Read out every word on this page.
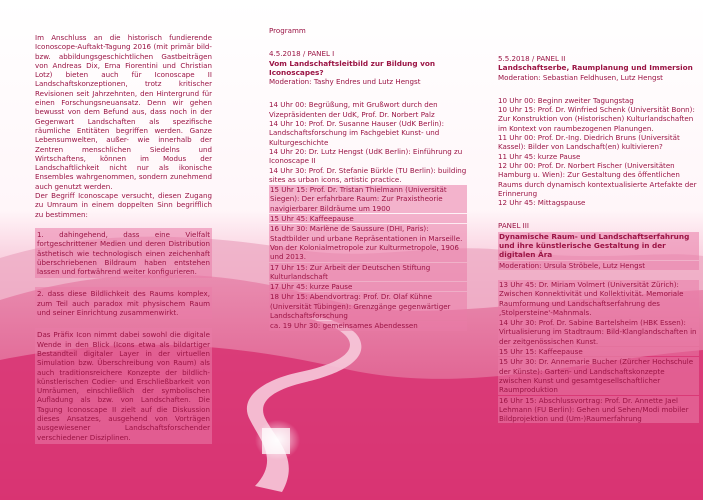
Im Anschluss an die historisch fundierende Iconoscope-Auftakt-Tagung 2016 (mit primär bild- bzw. abbildungsgeschichtlichen Gastbeiträgen von Andreas Dix, Erna Fiorentini und Christian Lotz) bieten auch für Iconoscape II Landschaftskonzeptionen, trotz kritischer Revisionen seit Jahrzehnten, den Hintergrund für einen Forschungsneuansatz. Denn wir gehen bewusst von dem Befund aus, dass noch in der Gegenwart Landschaften als spezifische räumliche Entitäten begriffen werden. Ganze Lebensumwelten, außer- wie innerhalb der Zentren menschlichen Siedelns und Wirtschaftens, können im Modus der Landschaftlichkeit nicht nur als ikonische Ensembles wahrgenommen, sondern zunehmend auch genutzt werden.

Der Begriff Iconoscape versucht, diesen Zugang zu Umraum in einem doppelten Sinn begrifflich zu bestimmen:

1. dahingehend, dass eine Vielfalt fortgeschrittener Medien und deren Distribution ästhetisch wie technologisch einen zeichenhaft überschriebenen Bildraum haben entstehen lassen und fortwährend weiter konfigurieren.

2. dass diese Bildlichkeit des Raums komplex, zum Teil auch paradox mit physischem Raum und seiner Einrichtung zusammenwirkt.

Das Präfix Icon nimmt dabei sowohl die digitale Wende in den Blick (Icons etwa als bildartiger Bestandteil digitaler Layer in der virtuellen Simulation bzw. Überschreibung von Raum) als auch traditionsreichere Konzepte der bildlich-künstlerischen Codier- und Erschließbarkeit von Umräumen, einschließlich der symbolischen Aufladung als bzw. von Landschaften. Die Tagung Iconoscape II zielt auf die Diskussion dieses Ansatzes, ausgehend von Vorträgen ausgewiesener Landschaftsforschender verschiedener Disziplinen.

Programm

4.5.2018 / PANEL I

Vom Landschaftsleitbild zur Bildung von Iconoscapes?

Moderation: Tashy Endres und Lutz Hengst

14 Uhr 00: Begrüßung, mit Grußwort durch den Vizepräsidenten der UdK, Prof. Dr. Norbert Palz

14 Uhr 10: Prof. Dr. Susanne Hauser (UdK Berlin): Landschaftsforschung im Fachgebiet Kunst- und Kulturgeschichte

14 Uhr 20: Dr. Lutz Hengst (UdK Berlin): Einführung zu Iconoscape II

14 Uhr 30: Prof. Dr. Stefanie Bürkle (TU Berlin): building sites as urban icons, artistic practice.

15 Uhr 15: Prof. Dr. Tristan Thielmann (Universität Siegen): Der erfahrbare Raum: Zur Praxistheorie navigierbarer Bildräume um 1900

15 Uhr 45: Kaffeepause

16 Uhr 30: Marlène de Saussure (DHI, Paris): Stadtbilder und urbane Repräsentationen in Marseille. Von der Kolonialmetropole zur Kulturmetropole, 1906 und 2013.

17 Uhr 15: Zur Arbeit der Deutschen Stiftung Kulturlandschaft

17 Uhr 45: kurze Pause

18 Uhr 15: Abendvortrag: Prof. Dr. Olaf Kühne (Universität Tübingen): Grenzgänge gegenwärtiger Landschaftsforschung

ca. 19 Uhr 30: gemeinsames Abendessen

5.5.2018 / PANEL II

Landschaftserbe, Raumplanung und Immersion

Moderation: Sebastian Feldhusen, Lutz Hengst

10 Uhr 00: Beginn zweiter Tagungstag

10 Uhr 15: Prof. Dr. Winfried Schenk (Universität Bonn): Zur Konstruktion von (Historischen) Kulturlandschaften im Kontext von raumbezogenen Planungen.

11 Uhr 00: Prof. Dr.-Ing. Diedrich Bruns (Universität Kassel): Bilder von Landschaft(en) kultivieren?

11 Uhr 45: kurze Pause

12 Uhr 00: Prof. Dr. Norbert Fischer (Universitäten Hamburg u. Wien): Zur Gestaltung des öffentlichen Raums durch dynamisch kontextualisierte Artefakte der Erinnerung

12 Uhr 45: Mittagspause

PANEL III

Dynamische Raum- und Landschaftserfahrung und ihre künstlerische Gestaltung in der digitalen Ära

Moderation: Ursula Ströbele, Lutz Hengst

13 Uhr 45: Dr. Miriam Volmert (Universität Zürich): Zwischen Konnektivität und Kollektivität. Memoriale Raumformung und Landschaftserfahrung des ,Stolpersteine'-Mahnmals.

14 Uhr 30: Prof. Dr. Sabine Bartelsheim (HBK Essen): Virtualisierung im Stadtraum: Bild-Klanglandschaften in der zeitgenössischen Kunst.

15 Uhr 15: Kaffeepause

15 Uhr 30: Dr. Annemarie Bucher (Zürcher Hochschule der Künste): Garten- und Landschaftskonzepte zwischen Kunst und gesamtgesellschaftlicher Raumproduktion

16 Uhr 15: Abschlussvortrag: Prof. Dr. Annette Jael Lehmann (FU Berlin): Gehen und Sehen/Modi mobiler Bildprojektion und (Um-)Raumerfahrung
